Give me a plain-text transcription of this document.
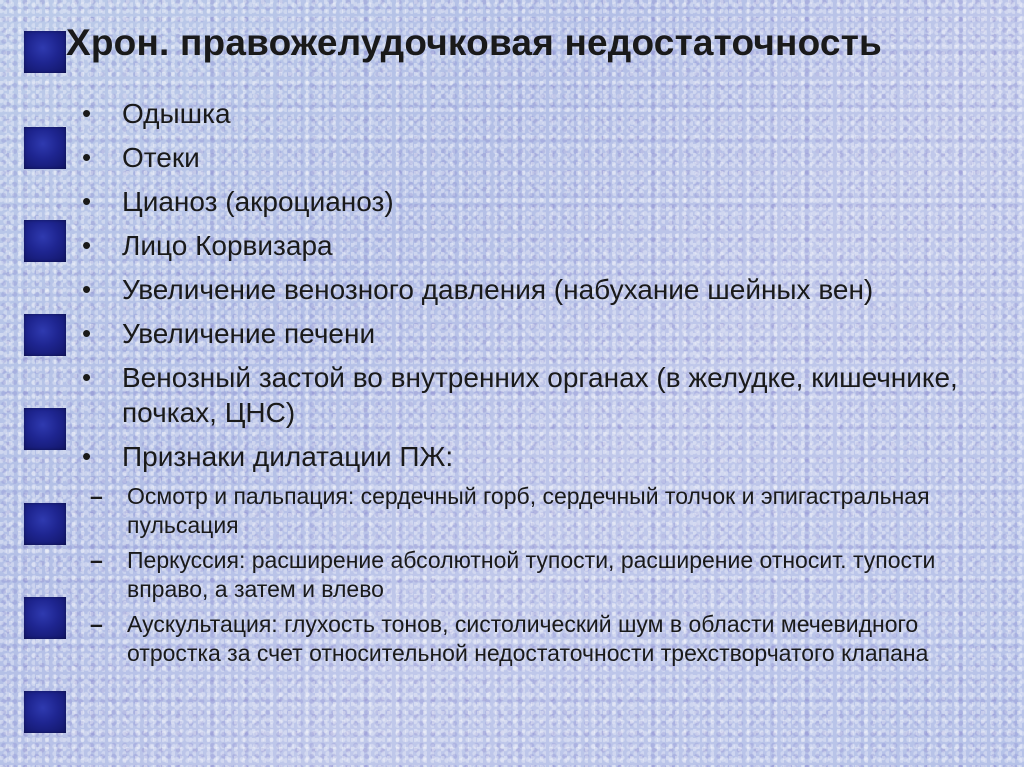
Хрон. правожелудочковая недостаточность
• Одышка
• Отеки
• Цианоз (акроцианоз)
• Лицо Корвизара
• Увеличение венозного давления (набухание шейных вен)
• Увеличение печени
• Венозный застой во внутренних органах (в желудке, кишечнике, почках, ЦНС)
• Признаки дилатации ПЖ:
– Осмотр и пальпация: сердечный горб, сердечный толчок и эпигастральная пульсация
– Перкуссия: расширение абсолютной тупости, расширение относит. тупости вправо, а затем и влево
– Аускультация: глухость тонов, систолический шум в области мечевидного отростка за счет относительной недостаточности трехстворчатого клапана
